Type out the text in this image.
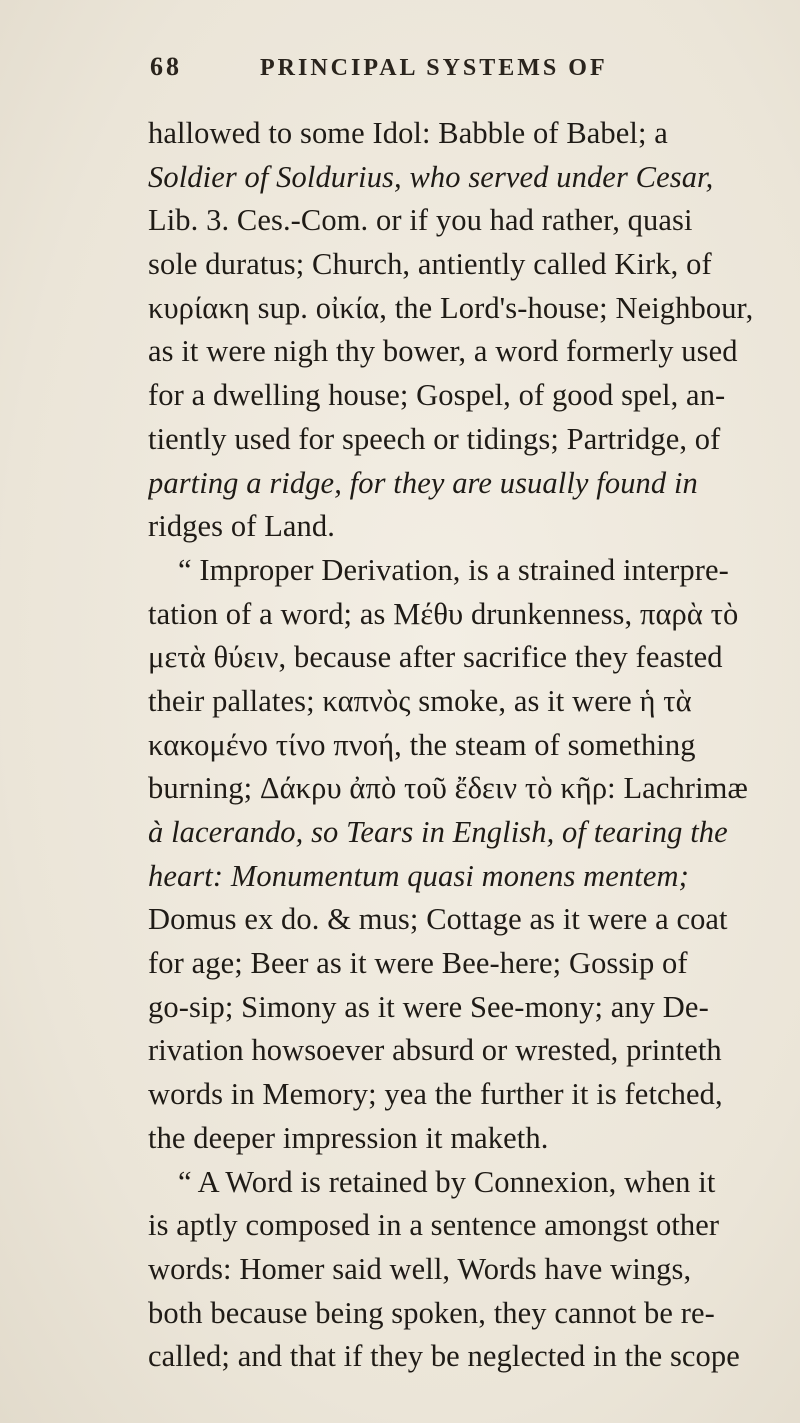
68	PRINCIPAL SYSTEMS OF
hallowed to some Idol: Babble of Babel; a
Soldier of Soldurius, who served under Cesar,
Lib. 3. Ces.-Com. or if you had rather, quasi
sole duratus; Church, antiently called Kirk, of
κυρίακη sup. οἰκία, the Lord's-house; Neighbour,
as it were nigh thy bower, a word formerly used
for a dwelling house; Gospel, of good spel, an-
tiently used for speech or tidings; Partridge, of
parting a ridge, for they are usually found in
ridges of Land.
“ Improper Derivation, is a strained interpre-
tation of a word; as Μέθυ drunkenness, παρὰ τὸ
μετὰ θύειν, because after sacrifice they feasted
their pallates; καπνὸς smoke, as it were ἡ τὰ
κακομένο τίνο πνοή, the steam of something
burning; Δάκρυ ἀπὸ τοῦ ἔδειν τὸ κῆρ: Lachrimæ
à lacerando, so Tears in English, of tearing the
heart: Monumentum quasi monens mentem;
Domus ex do. & mus; Cottage as it were a coat
for age; Beer as it were Bee-here; Gossip of
go-sip; Simony as it were See-mony; any De-
rivation howsoever absurd or wrested, printeth
words in Memory; yea the further it is fetched,
the deeper impression it maketh.
“ A Word is retained by Connexion, when it
is aptly composed in a sentence amongst other
words: Homer said well, Words have wings,
both because being spoken, they cannot be re-
called; and that if they be neglected in the scope
